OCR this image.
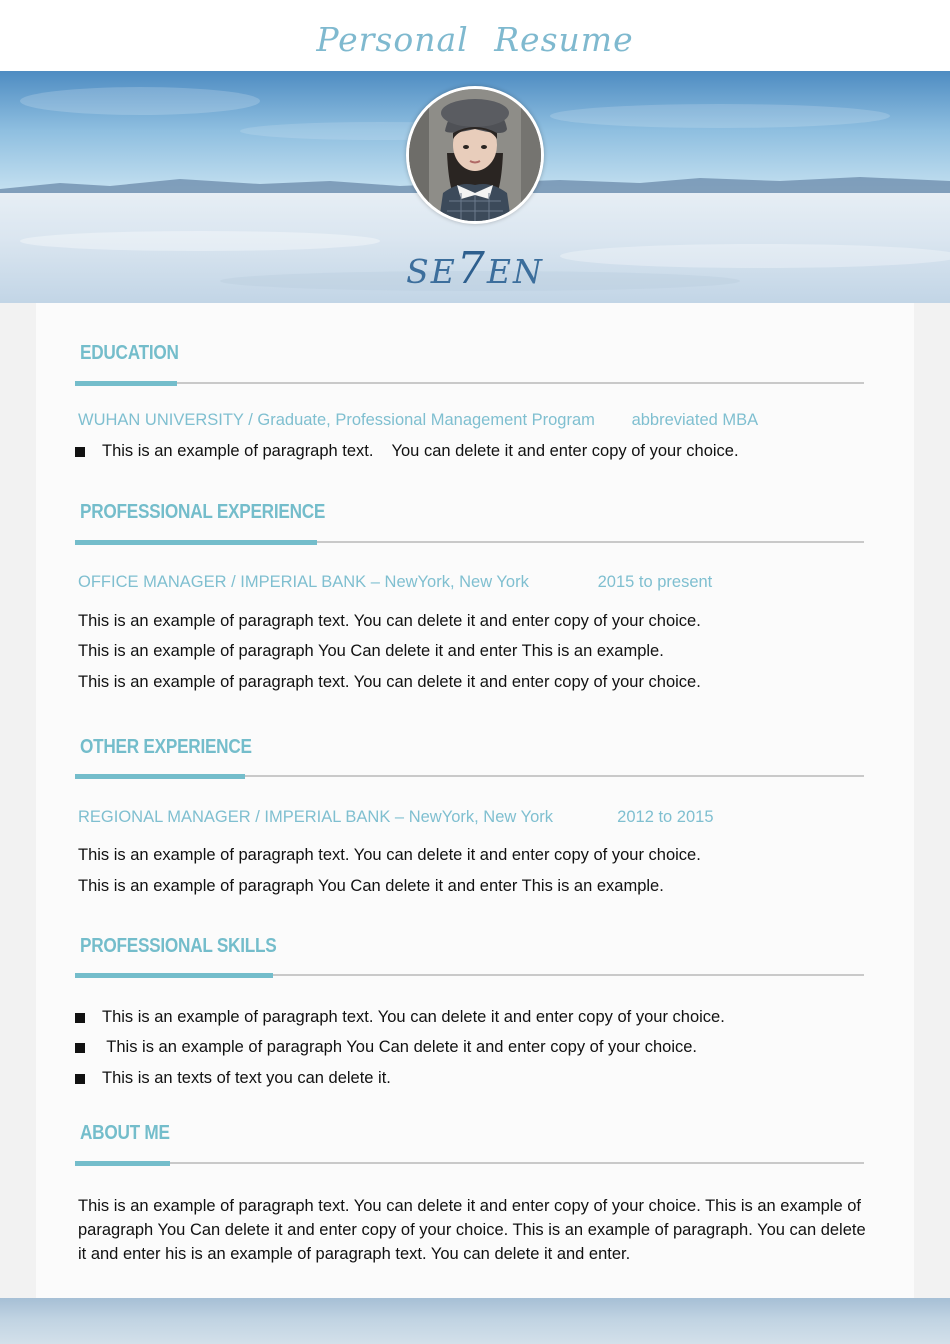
Personal Resume
SE7EN
EDUCATION
WUHAN UNIVERSITY / Graduate, Professional Management Program        abbreviated MBA
This is an example of paragraph text.    You can delete it and enter copy of your choice.
PROFESSIONAL EXPERIENCE
OFFICE MANAGER / IMPERIAL BANK – NewYork, New York               2015 to present
This is an example of paragraph text. You can delete it and enter copy of your choice.
This is an example of paragraph You Can delete it and enter This is an example.
This is an example of paragraph text. You can delete it and enter copy of your choice.
OTHER EXPERIENCE
REGIONAL MANAGER / IMPERIAL BANK – NewYork, New York              2012 to 2015
This is an example of paragraph text. You can delete it and enter copy of your choice.
This is an example of paragraph You Can delete it and enter This is an example.
PROFESSIONAL SKILLS
This is an example of paragraph text. You can delete it and enter copy of your choice.
This is an example of paragraph You Can delete it and enter copy of your choice.
This is an texts of text you can delete it.
ABOUT ME
This is an example of paragraph text. You can delete it and enter copy of your choice. This is an example of paragraph You Can delete it and enter copy of your choice. This is an example of paragraph. You can delete it and enter his is an example of paragraph text. You can delete it and enter.
